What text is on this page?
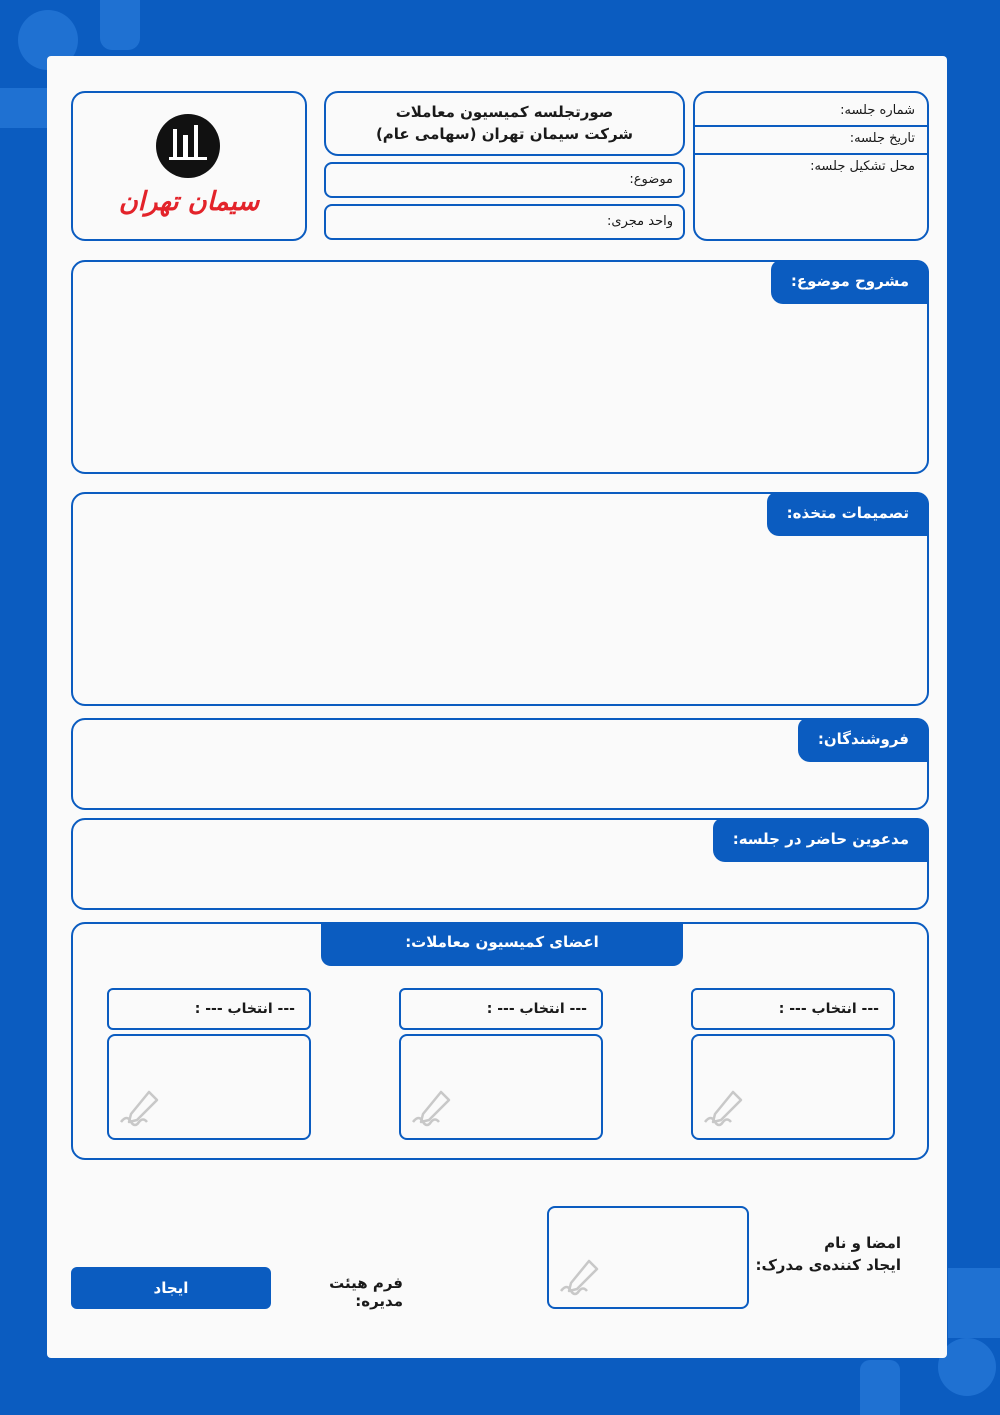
سیمان تهران
صورتجلسه کمیسیون معاملات
شرکت سیمان تهران (سهامی عام)
موضوع:
واحد مجری:
شماره جلسه:
تاریخ جلسه:
محل تشکیل جلسه:
مشروح موضوع:
تصمیمات متخذه:
فروشندگان:
مدعوین حاضر در جلسه:
اعضای کمیسیون معاملات:
--- انتخاب --- :
--- انتخاب --- :
--- انتخاب --- :
امضا و نام
ایجاد کننده‌ی مدرک:
فرم هیئت مدیره:
ایجاد
